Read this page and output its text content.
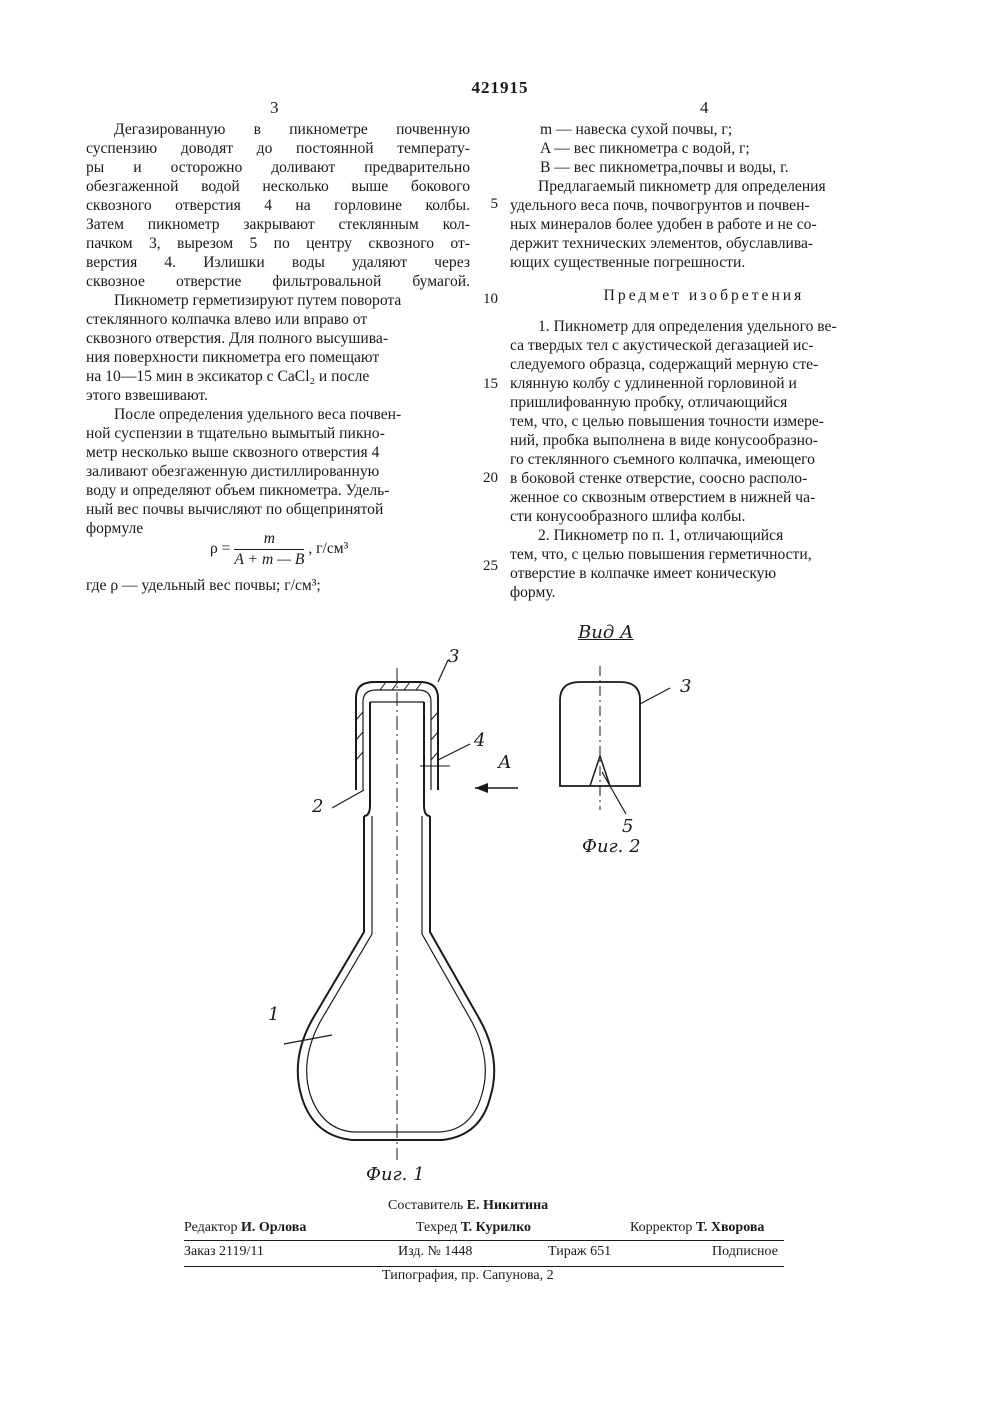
421915
3	4
Дегазированную в пикнометре почвенную
суспензию доводят до постоянной температу-
ры и осторожно доливают предварительно
обезгаженной водой несколько выше бокового
сквозного отверстия 4 на горловине колбы.
Затем пикнометр закрывают стеклянным кол-
пачком 3, вырезом 5 по центру сквозного от-
верстия 4. Излишки воды удаляют через
сквозное отверстие фильтровальной бумагой.
Пикнометр герметизируют путем поворота
стеклянного колпачка влево или вправо от
сквозного отверстия. Для полного высушива-
ния поверхности пикнометра его помещают
на 10—15 мин в эксикатор с CaCl₂ и после
этого взвешивают.
После определения удельного веса почвен-
ной суспензии в тщательно вымытый пикно-
метр несколько выше сквозного отверстия 4
заливают обезгаженную дистиллированную
воду и определяют объем пикнометра. Удель-
ный вес почвы вычисляют по общепринятой
формуле
$\rho = \frac{m}{A + m — B}$ , г/см³
где ρ — удельный вес почвы; г/см³;
m — навеска сухой почвы, г;
A — вес пикнометра с водой, г;
B — вес пикнометра,почвы и воды, г.
Предлагаемый пикнометр для определения
удельного веса почв, почвогрунтов и почвен-
ных минералов более удобен в работе и не со-
держит технических элементов, обуславлива-
ющих существенные погрешности.
Предмет изобретения
1. Пикнометр для определения удельного ве-
са твердых тел с акустической дегазацией ис-
следуемого образца, содержащий мерную сте-
клянную колбу с удлиненной горловиной и
пришлифованную пробку, отличающийся
тем, что, с целью повышения точности измере-
ний, пробка выполнена в виде конусообразно-
го стеклянного съемного колпачка, имеющего
в боковой стенке отверстие, соосно располо-
женное со сквозным отверстием в нижней ча-
сти конусообразного шлифа колбы.
2. Пикнометр по п. 1, отличающийся
тем, что, с целью повышения герметичности,
отверстие в колпачке имеет коническую
форму.
5
10
15
20
25
3
4
А
2
1
Фиг. 1
Вид А
3
5
Фиг. 2
Составитель Е. Никитина
Редактор И. Орлова	Техред Т. Курилко	Корректор Т. Хворова
Заказ 2119/11	Изд. № 1448	Тираж 651	Подписное
Типография, пр. Сапунова, 2
